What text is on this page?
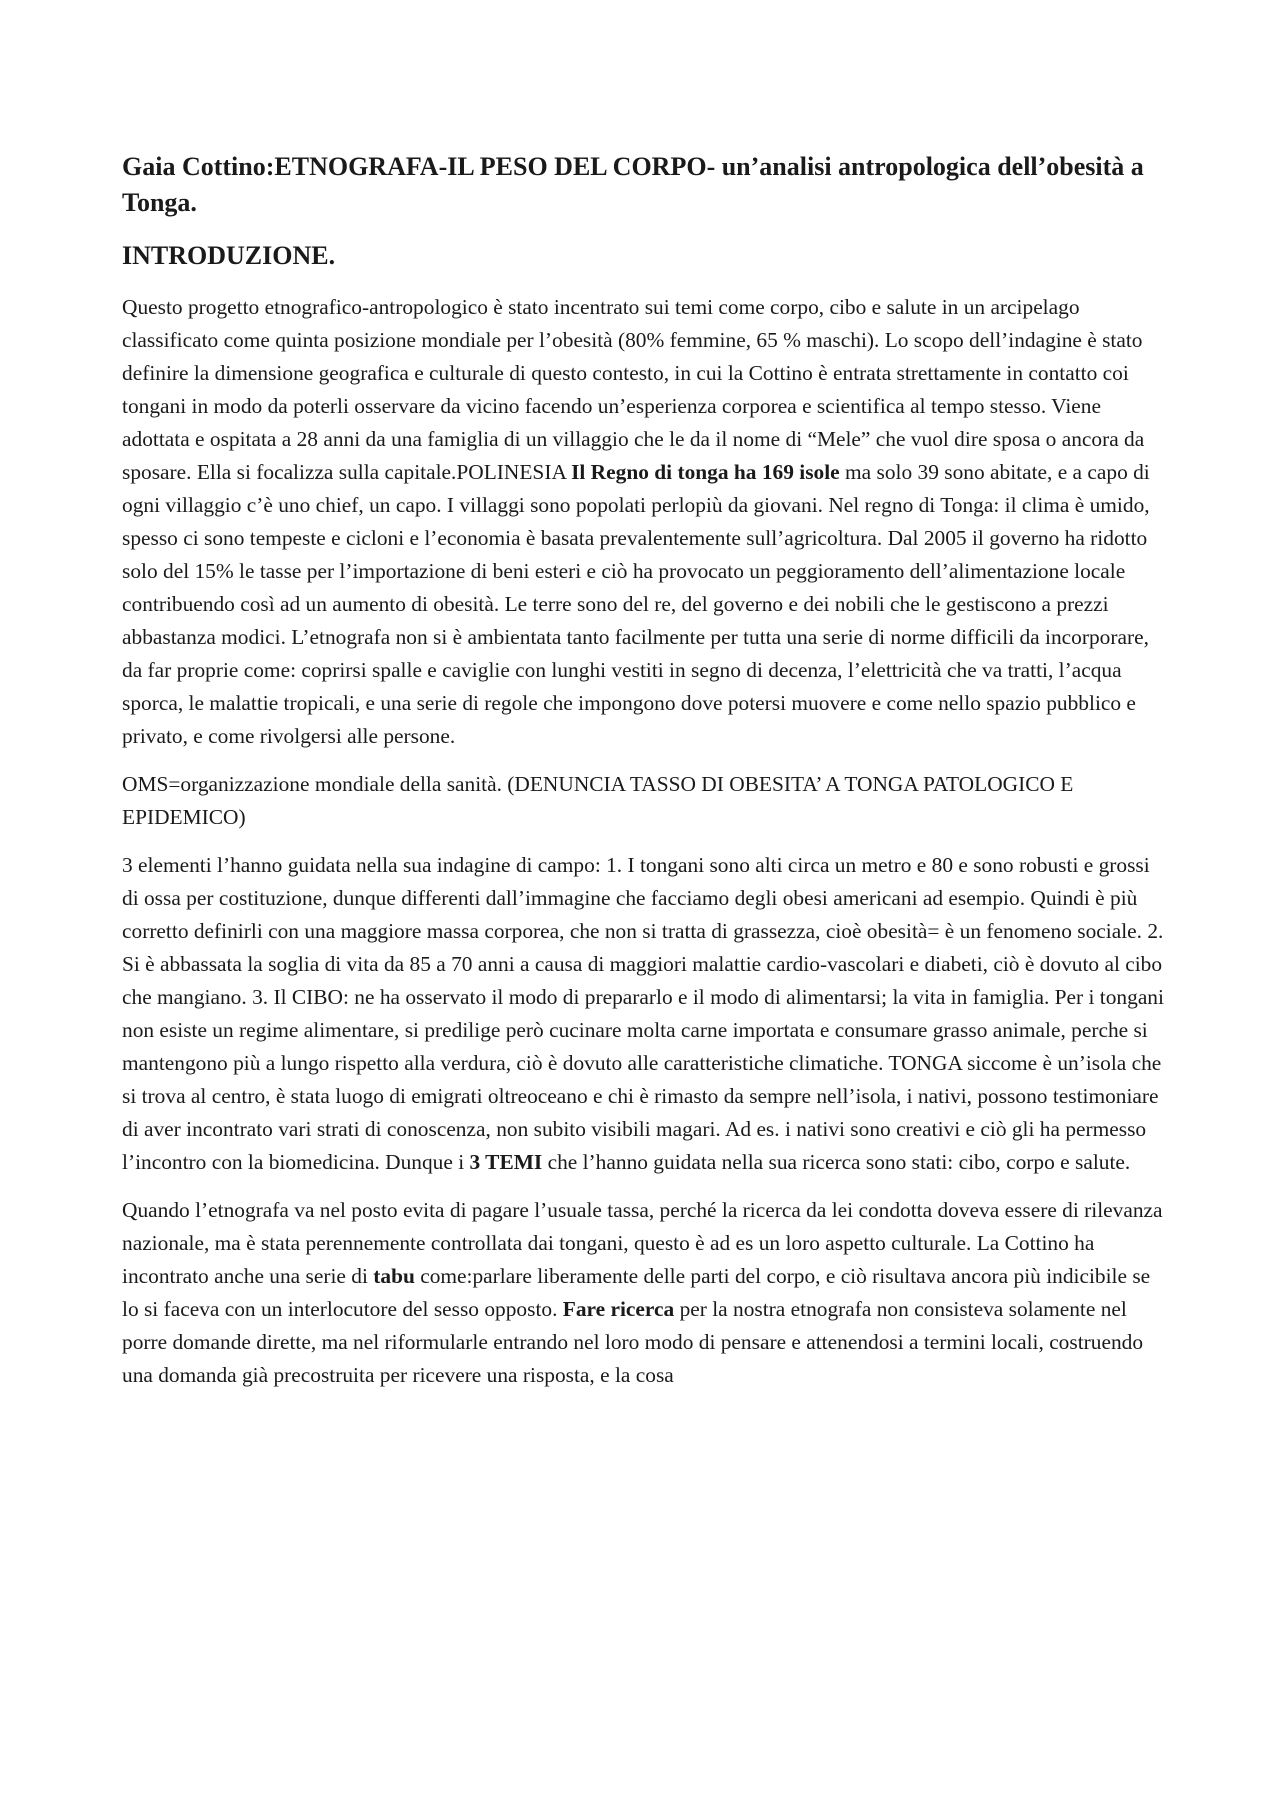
Gaia Cottino:ETNOGRAFA-IL PESO DEL CORPO- un’analisi antropologica dell’obesità a Tonga.
INTRODUZIONE.

Questo progetto etnografico-antropologico è stato incentrato sui temi come corpo, cibo e salute in un arcipelago classificato come quinta posizione mondiale per l’obesità (80% femmine, 65 % maschi). Lo scopo dell’indagine è stato definire la dimensione geografica e culturale di questo contesto, in cui la Cottino è entrata strettamente in contatto coi tongani in modo da poterli osservare da vicino facendo un’esperienza corporea e scientifica al tempo stesso. Viene adottata e ospitata a 28 anni da una famiglia di un villaggio che le da il nome di “Mele” che vuol dire sposa o ancora da sposare. Ella si focalizza sulla capitale.POLINESIA Il Regno di tonga ha 169 isole ma solo 39 sono abitate, e a capo di ogni villaggio c’è uno chief, un capo. I villaggi sono popolati perlopiù da giovani. Nel regno di Tonga: il clima è umido, spesso ci sono tempeste e cicloni e l’economia è basata prevalentemente sull’agricoltura. Dal 2005 il governo ha ridotto solo del 15% le tasse per l’importazione di beni esteri e ciò ha provocato un peggioramento dell’alimentazione locale contribuendo così ad un aumento di obesità. Le terre sono del re, del governo e dei nobili che le gestiscono a prezzi abbastanza modici. L’etnografa non si è ambientata tanto facilmente per tutta una serie di norme difficili da incorporare, da far proprie come: coprirsi spalle e caviglie con lunghi vestiti in segno di decenza, l’elettricità che va tratti, l’acqua sporca, le malattie tropicali, e una serie di regole che impongono dove potersi muovere e come nello spazio pubblico e privato, e come rivolgersi alle persone.

OMS=organizzazione mondiale della sanità. (DENUNCIA TASSO DI OBESITA’ A TONGA PATOLOGICO E EPIDEMICO)

3 elementi l’hanno guidata nella sua indagine di campo: 1. I tongani sono alti circa un metro e 80 e sono robusti e grossi di ossa per costituzione, dunque differenti dall’immagine che facciamo degli obesi americani ad esempio. Quindi è più corretto definirli con una maggiore massa corporea, che non si tratta di grassezza, cioè obesità= è un fenomeno sociale. 2. Si è abbassata la soglia di vita da 85 a 70 anni a causa di maggiori malattie cardio-vascolari e diabeti, ciò è dovuto al cibo che mangiano. 3. Il CIBO: ne ha osservato il modo di prepararlo e il modo di alimentarsi; la vita in famiglia. Per i tongani non esiste un regime alimentare, si predilige però cucinare molta carne importata e consumare grasso animale, perche si mantengono più a lungo rispetto alla verdura, ciò è dovuto alle caratteristiche climatiche. TONGA siccome è un’isola che si trova al centro, è stata luogo di emigrati oltreoceano e chi è rimasto da sempre nell’isola, i nativi, possono testimoniare di aver incontrato vari strati di conoscenza, non subito visibili magari. Ad es. i nativi sono creativi e ciò gli ha permesso l’incontro con la biomedicina. Dunque i 3 TEMI che l’hanno guidata nella sua ricerca sono stati: cibo, corpo e salute.

Quando l’etnografa va nel posto evita di pagare l’usuale tassa, perché la ricerca da lei condotta doveva essere di rilevanza nazionale, ma è stata perennemente controllata dai tongani, questo è ad es un loro aspetto culturale. La Cottino ha incontrato anche una serie di tabu come:parlare liberamente delle parti del corpo, e ciò risultava ancora più indicibile se lo si faceva con un interlocutore del sesso opposto. Fare ricerca per la nostra etnografa non consisteva solamente nel porre domande dirette, ma nel riformularle entrando nel loro modo di pensare e attenendosi a termini locali, costruendo una domanda già precostruita per ricevere una risposta, e la cosa
